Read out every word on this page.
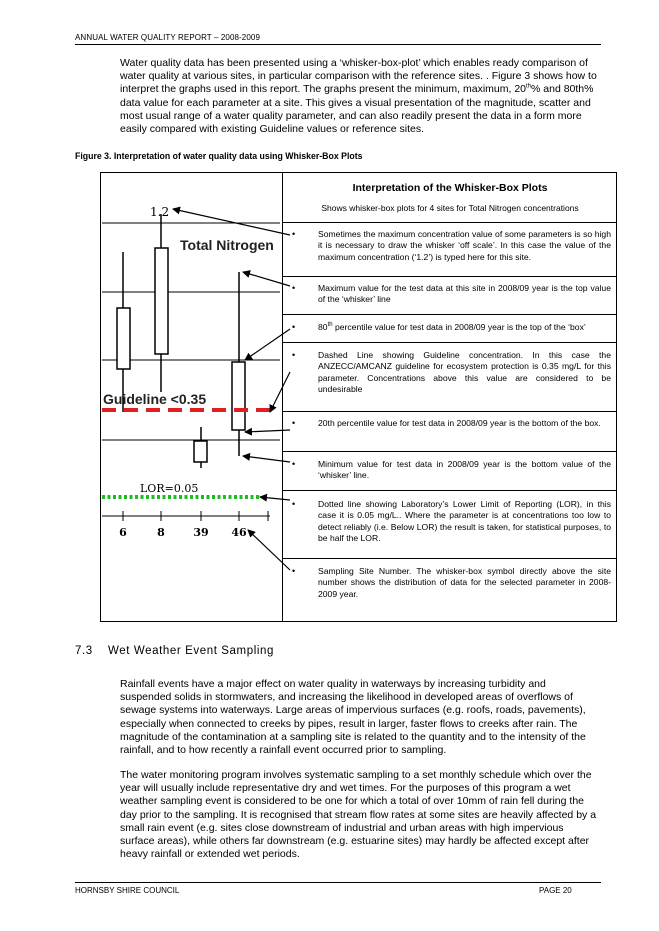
ANNUAL WATER QUALITY REPORT – 2008-2009
Water quality data has been presented using a ‘whisker-box-plot’ which enables ready comparison of
water quality at various sites, in particular comparison with the reference sites. . Figure 3 shows how to
interpret the graphs used in this report. The graphs present the minimum, maximum, 20th% and 80th%
data value for each parameter at a site. This gives a visual presentation of the magnitude, scatter and
most usual range of a water quality parameter, and can also readily present the data in a form more
easily compared with existing Guideline values or reference sites.
Figure 3. Interpretation of water quality data using Whisker-Box Plots
1.2
Total Nitrogen
Guideline <0.35
LOR=0.05
6	8	39 46
Interpretation of the Whisker-Box Plots
Shows whisker-box plots for 4 sites for Total Nitrogen concentrations
•	Sometimes the maximum concentration value of some parameters is so high it is necessary to draw the whisker ‘off scale’. In this case the value of the maximum concentration (‘1.2’) is typed here for this site.
•	Maximum value for the test data at this site in 2008/09 year is the top value of the ‘whisker’ line
•	80th percentile value for test data in 2008/09 year is the top of the ‘box’
•	Dashed Line showing Guideline concentration. In this case the ANZECC/AMCANZ guideline for ecosystem protection is 0.35 mg/L for this parameter. Concentrations above this value are considered to be undesirable
•	20th percentile value for test data in 2008/09 year is the bottom of the box.
•	Minimum value for test data in 2008/09 year is the bottom value of the ‘whisker’ line.
•	Dotted line showing Laboratory’s Lower Limit of Reporting (LOR), in this case it is 0.05 mg/L.. Where the parameter is at concentrations too low to detect reliably (i.e. Below LOR) the result is taken, for statistical purposes, to be half the LOR.
•	Sampling Site Number. The whisker-box symbol directly above the site number shows the distribution of data for the selected parameter in 2008-2009 year.
7.3 Wet Weather Event Sampling
Rainfall events have a major effect on water quality in waterways by increasing turbidity and
suspended solids in stormwaters, and increasing the likelihood in developed areas of overflows of
sewage systems into waterways. Large areas of impervious surfaces (e.g. roofs, roads, pavements),
especially when connected to creeks by pipes, result in larger, faster flows to creeks after rain. The
magnitude of the contamination at a sampling site is related to the quantity and to the intensity of the
rainfall, and to how recently a rainfall event occurred prior to sampling.
The water monitoring program involves systematic sampling to a set monthly schedule which over the
year will usually include representative dry and wet times. For the purposes of this program a wet
weather sampling event is considered to be one for which a total of over 10mm of rain fell during the
day prior to the sampling. It is recognised that stream flow rates at some sites are heavily affected by a
small rain event (e.g. sites close downstream of industrial and urban areas with high impervious
surface areas), while others far downstream (e.g. estuarine sites) may hardly be affected except after
heavy rainfall or extended wet periods.
HORNSBY SHIRE COUNCIL	PAGE 20
